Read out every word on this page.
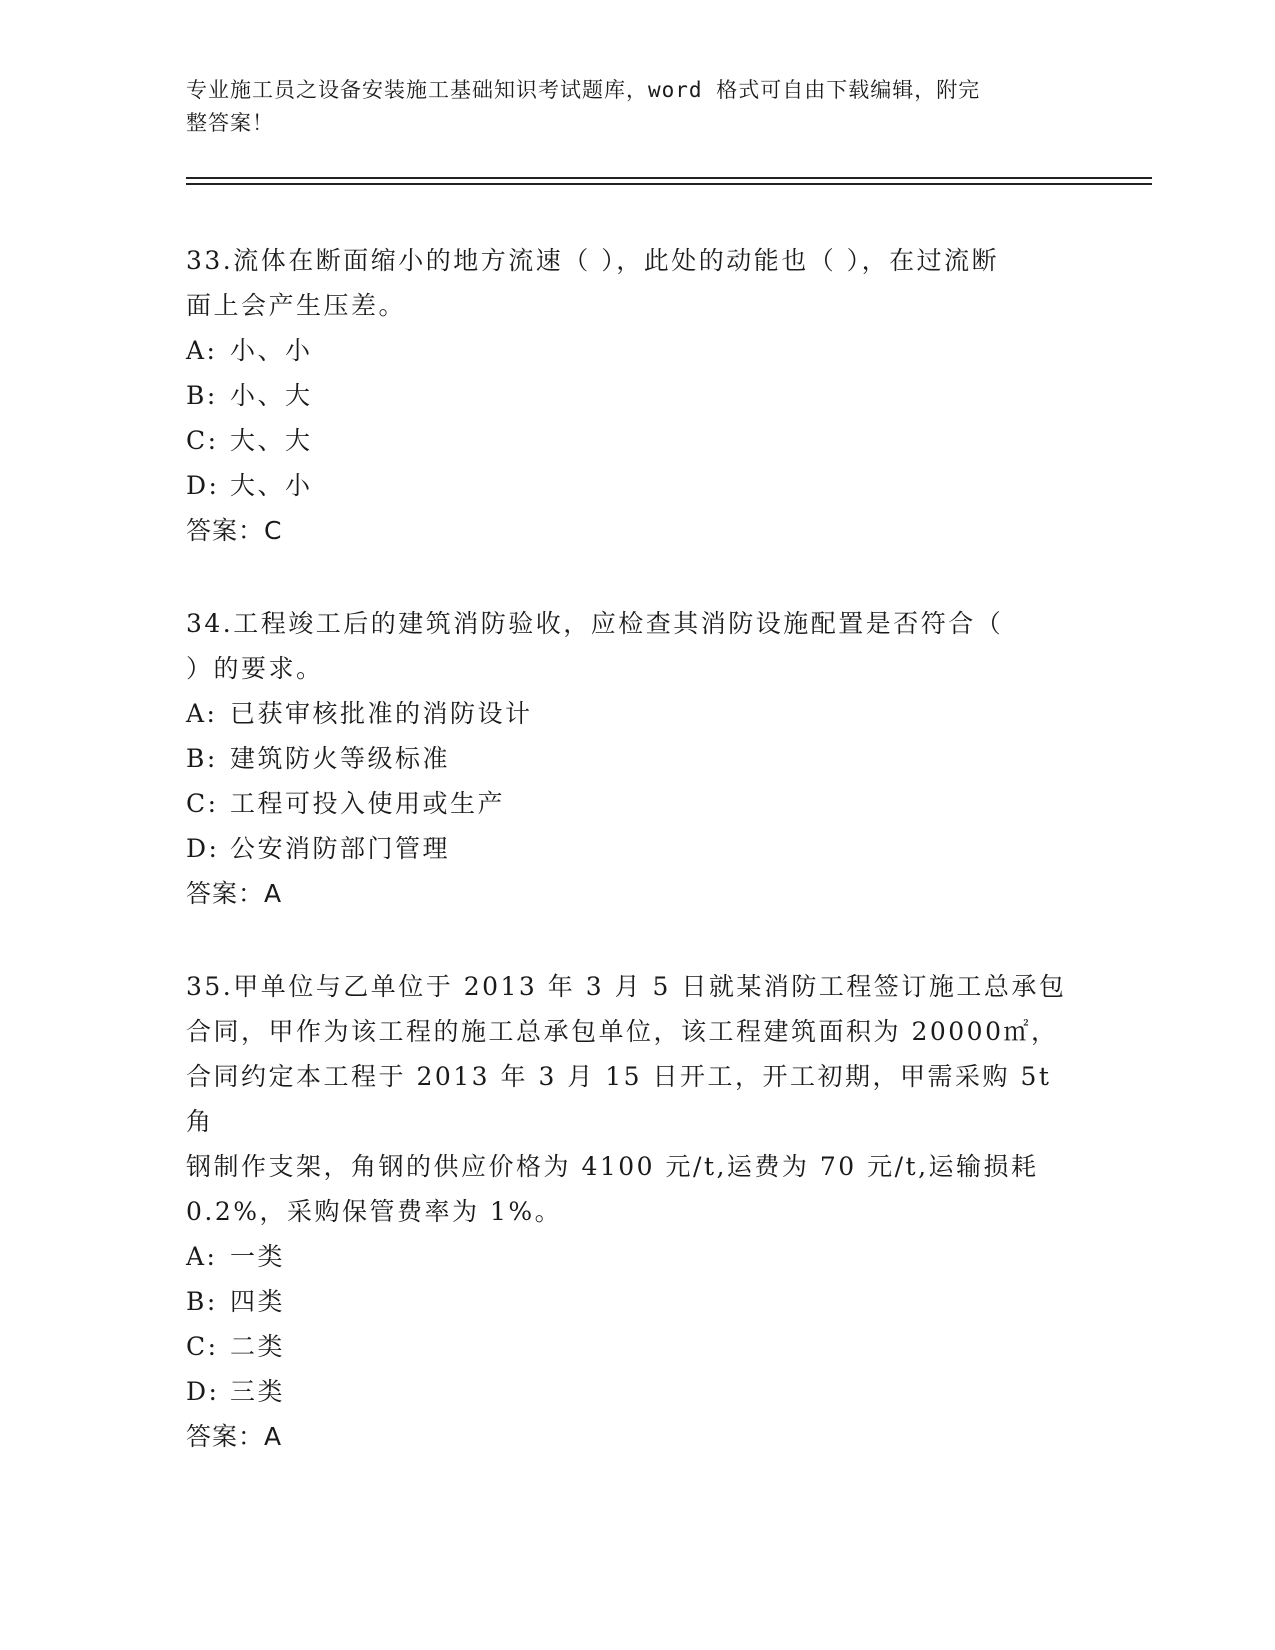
专业施工员之设备安装施工基础知识考试题库，word 格式可自由下载编辑，附完
整答案！
33.流体在断面缩小的地方流速（ ），此处的动能也（ ），在过流断
面上会产生压差。
A: 小、小
B: 小、大
C: 大、大
D: 大、小
答案：C
34.工程竣工后的建筑消防验收，应检查其消防设施配置是否符合（
）的要求。
A: 已获审核批准的消防设计
B: 建筑防火等级标准
C: 工程可投入使用或生产
D: 公安消防部门管理
答案：A
35.甲单位与乙单位于 2013 年 3 月 5 日就某消防工程签订施工总承包
合同，甲作为该工程的施工总承包单位，该工程建筑面积为 20000㎡，
合同约定本工程于 2013 年 3 月 15 日开工，开工初期，甲需采购 5t 角
钢制作支架，角钢的供应价格为 4100 元/t,运费为 70 元/t,运输损耗
0.2%，采购保管费率为 1%。
A: 一类
B: 四类
C: 二类
D: 三类
答案：A
